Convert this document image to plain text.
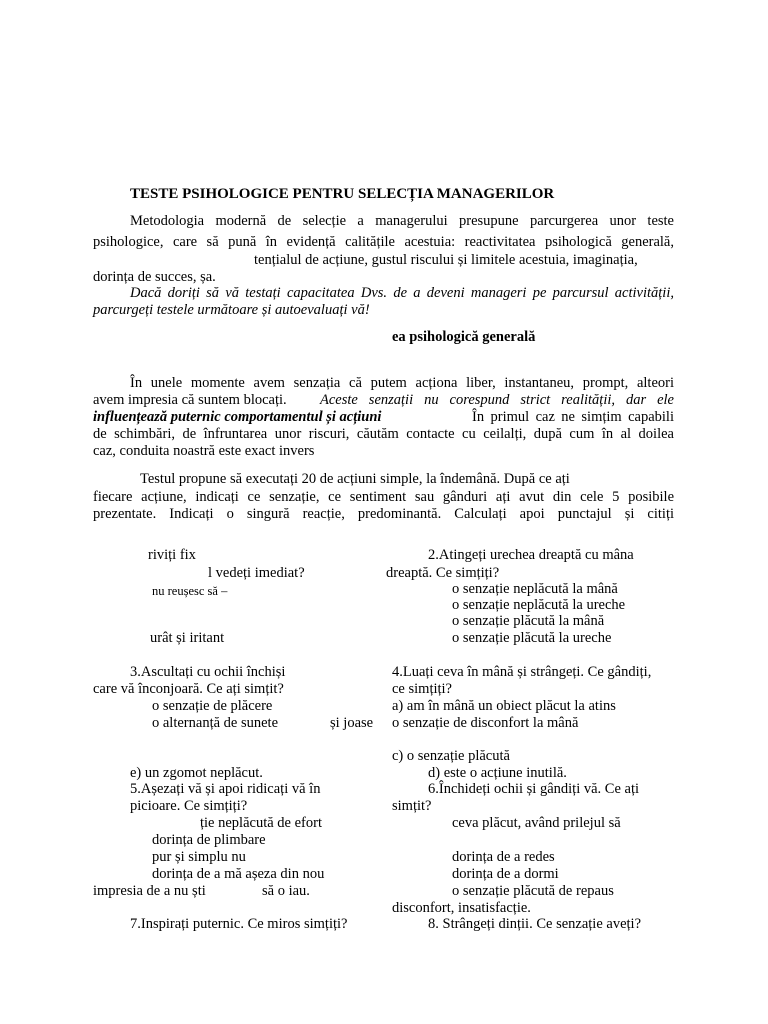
TESTE PSIHOLOGICE PENTRU SELECȚIA MANAGERILOR
Metodologia modernă de selecție a managerului presupune parcurgerea unor teste
psihologice, care să pună în evidență calitățile acestuia: reactivitatea psihologică generală,
tențialul de acțiune, gustul riscului și limitele acestuia, imaginația,
dorința de succes, șa.
Dacă doriți să vă testați capacitatea Dvs. de a deveni manageri pe parcursul activității,
parcurgeți testele următoare și autoevaluați vă!
ea psihologică generală
În unele momente avem senzația că putem acționa liber, instantaneu, prompt, alteori
avem impresia că suntem blocați. Aceste senzații nu corespund strict realității, dar ele
influențează puternic comportamentul și acțiuni	În primul caz ne simțim capabili
de schimbări, de înfruntarea unor riscuri, căutăm contacte cu ceilalți, după cum în al doilea
caz, conduita noastră este exact invers
Testul propune să executați 20 de acțiuni simple, la îndemână. După ce ați
fiecare acțiune, indicați ce senzație, ce sentiment sau gânduri ați avut din cele 5 posibile
prezentate. Indicați o singură reacție, predominantă. Calculați apoi punctajul și citiți
riviți fix
l vedeți imediat?
nu reușesc să –
urât și iritant
2.Atingeți urechea dreaptă cu mâna
dreaptă. Ce simțiți?
o senzație neplăcută la mână
o senzație neplăcută la ureche
o senzație plăcută la mână
o senzație plăcută la ureche
3.Ascultați cu ochii închiși
care vă înconjoară. Ce ați simțit?
o senzație de plăcere
o alternanță de sunete	și joase
e) un zgomot neplăcut.
4.Luați ceva în mână și strângeți. Ce gândiți,
ce simțiți?
a) am în mână un obiect plăcut la atins
o senzație de disconfort la mână
c) o senzație plăcută
d) este o acțiune inutilă.
5.Așezați vă și apoi ridicați vă în
picioare. Ce simțiți?
ție neplăcută de efort
dorința de plimbare
pur și simplu nu
dorința de a mă așeza din nou
impresia de a nu ști	să o iau.
6.Închideți ochii și gândiți vă. Ce ați
simțit?
ceva plăcut, având prilejul să
dorința de a redes
dorința de a dormi
o senzație plăcută de repaus
disconfort, insatisfacție.
7.Inspirați puternic. Ce miros simțiți?	8. Strângeți dinții. Ce senzație aveți?
